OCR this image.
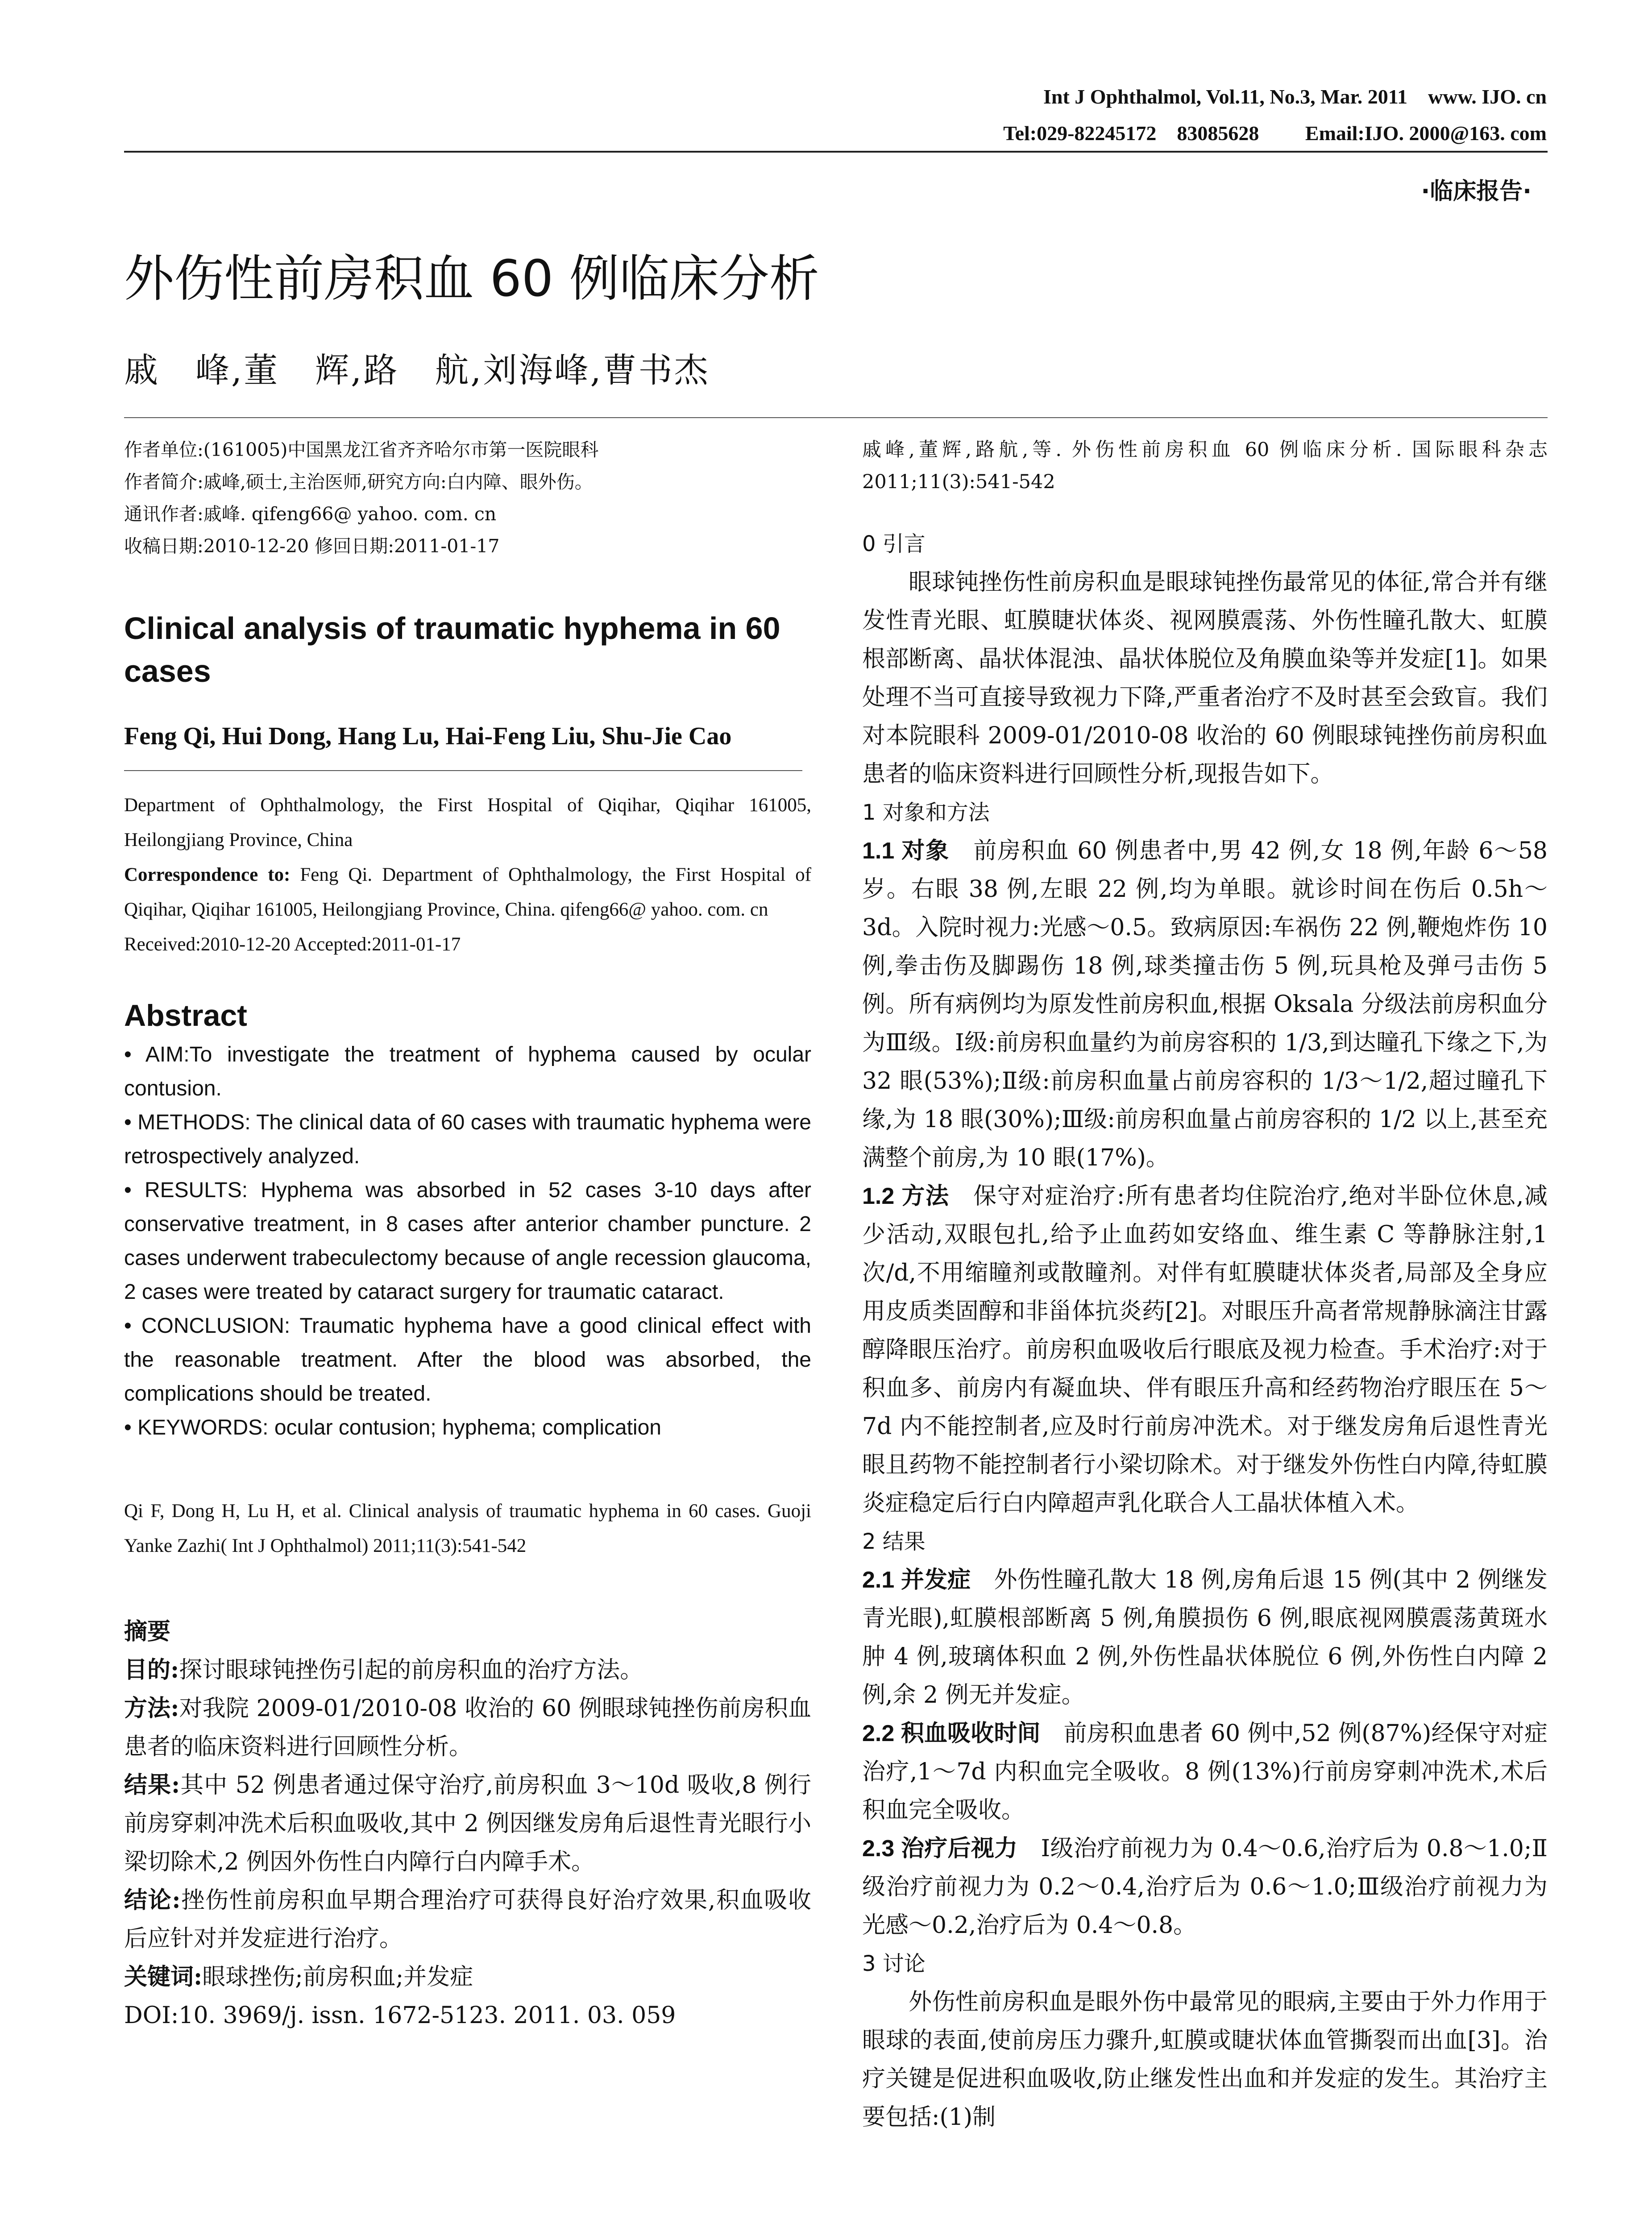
Int J Ophthalmol, Vol.11, No.3, Mar. 2011    www. IJO. cn
Tel:029-82245172    83085628         Email:IJO. 2000@163. com
·临床报告·
外伤性前房积血 60 例临床分析
戚　峰,董　辉,路　航,刘海峰,曹书杰

作者单位:(161005)中国黑龙江省齐齐哈尔市第一医院眼科

作者简介:戚峰,硕士,主治医师,研究方向:白内障、眼外伤。

通讯作者:戚峰. qifeng66@ yahoo. com. cn

收稿日期:2010-12-20 修回日期:2011-01-17

Clinical analysis of traumatic hyphema in 60 cases
Feng Qi, Hui Dong, Hang Lu, Hai-Feng Liu, Shu-Jie Cao

Department of Ophthalmology, the First Hospital of Qiqihar, Qiqihar 161005, Heilongjiang Province, China

Correspondence to: Feng Qi. Department of Ophthalmology, the First Hospital of Qiqihar, Qiqihar 161005, Heilongjiang Province, China. qifeng66@ yahoo. com. cn

Received:2010-12-20 Accepted:2011-01-17

Abstract

• AIM:To investigate the treatment of hyphema caused by ocular contusion.

• METHODS: The clinical data of 60 cases with traumatic hyphema were retrospectively analyzed.

• RESULTS: Hyphema was absorbed in 52 cases 3-10 days after conservative treatment, in 8 cases after anterior chamber puncture. 2 cases underwent trabeculectomy because of angle recession glaucoma, 2 cases were treated by cataract surgery for traumatic cataract.

• CONCLUSION: Traumatic hyphema have a good clinical effect with the reasonable treatment. After the blood was absorbed, the complications should be treated.

• KEYWORDS: ocular contusion; hyphema; complication

Qi F, Dong H, Lu H, et al. Clinical analysis of traumatic hyphema in 60 cases. Guoji Yanke Zazhi( Int J Ophthalmol) 2011;11(3):541-542

摘要

目的:探讨眼球钝挫伤引起的前房积血的治疗方法。

方法:对我院 2009-01/2010-08 收治的 60 例眼球钝挫伤前房积血患者的临床资料进行回顾性分析。

结果:其中 52 例患者通过保守治疗,前房积血 3～10d 吸收,8 例行前房穿刺冲洗术后积血吸收,其中 2 例因继发房角后退性青光眼行小梁切除术,2 例因外伤性白内障行白内障手术。

结论:挫伤性前房积血早期合理治疗可获得良好治疗效果,积血吸收后应针对并发症进行治疗。

关键词:眼球挫伤;前房积血;并发症

DOI:10. 3969/j. issn. 1672-5123. 2011. 03. 059

戚峰,董辉,路航,等. 外伤性前房积血 60 例临床分析. 国际眼科杂志 2011;11(3):541-542

0 引言

眼球钝挫伤性前房积血是眼球钝挫伤最常见的体征,常合并有继发性青光眼、虹膜睫状体炎、视网膜震荡、外伤性瞳孔散大、虹膜根部断离、晶状体混浊、晶状体脱位及角膜血染等并发症[1]。如果处理不当可直接导致视力下降,严重者治疗不及时甚至会致盲。我们对本院眼科 2009-01/2010-08 收治的 60 例眼球钝挫伤前房积血患者的临床资料进行回顾性分析,现报告如下。

1 对象和方法

1.1 对象　 前房积血 60 例患者中,男 42 例,女 18 例,年龄 6～58 岁。右眼 38 例,左眼 22 例,均为单眼。就诊时间在伤后 0.5h～3d。入院时视力:光感～0.5。致病原因:车祸伤 22 例,鞭炮炸伤 10 例,拳击伤及脚踢伤 18 例,球类撞击伤 5 例,玩具枪及弹弓击伤 5 例。所有病例均为原发性前房积血,根据 Oksala 分级法前房积血分为Ⅲ级。Ⅰ级:前房积血量约为前房容积的 1/3,到达瞳孔下缘之下,为 32 眼(53%);Ⅱ级:前房积血量占前房容积的 1/3～1/2,超过瞳孔下缘,为 18 眼(30%);Ⅲ级:前房积血量占前房容积的 1/2 以上,甚至充满整个前房,为 10 眼(17%)。

1.2 方法　 保守对症治疗:所有患者均住院治疗,绝对半卧位休息,减少活动,双眼包扎,给予止血药如安络血、维生素 C 等静脉注射,1 次/d,不用缩瞳剂或散瞳剂。对伴有虹膜睫状体炎者,局部及全身应用皮质类固醇和非甾体抗炎药[2]。对眼压升高者常规静脉滴注甘露醇降眼压治疗。前房积血吸收后行眼底及视力检查。手术治疗:对于积血多、前房内有凝血块、伴有眼压升高和经药物治疗眼压在 5～7d 内不能控制者,应及时行前房冲洗术。对于继发房角后退性青光眼且药物不能控制者行小梁切除术。对于继发外伤性白内障,待虹膜炎症稳定后行白内障超声乳化联合人工晶状体植入术。

2 结果

2.1 并发症　 外伤性瞳孔散大 18 例,房角后退 15 例(其中 2 例继发青光眼),虹膜根部断离 5 例,角膜损伤 6 例,眼底视网膜震荡黄斑水肿 4 例,玻璃体积血 2 例,外伤性晶状体脱位 6 例,外伤性白内障 2 例,余 2 例无并发症。

2.2 积血吸收时间　 前房积血患者 60 例中,52 例(87%)经保守对症治疗,1～7d 内积血完全吸收。8 例(13%)行前房穿刺冲洗术,术后积血完全吸收。

2.3 治疗后视力　 Ⅰ级治疗前视力为 0.4～0.6,治疗后为 0.8～1.0;Ⅱ级治疗前视力为 0.2～0.4,治疗后为 0.6～1.0;Ⅲ级治疗前视力为光感～0.2,治疗后为 0.4～0.8。

3 讨论

外伤性前房积血是眼外伤中最常见的眼病,主要由于外力作用于眼球的表面,使前房压力骤升,虹膜或睫状体血管撕裂而出血[3]。治疗关键是促进积血吸收,防止继发性出血和并发症的发生。其治疗主要包括:(1)制
